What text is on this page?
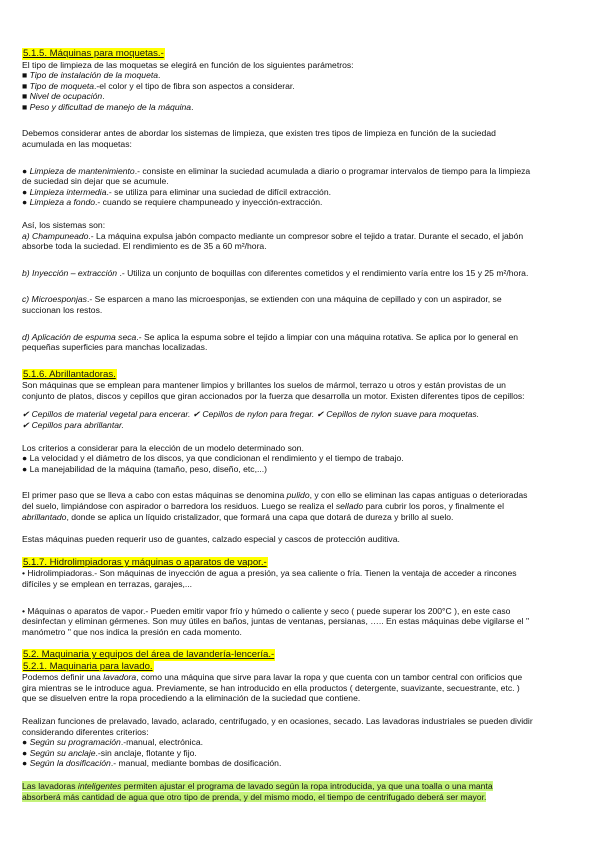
5.1.5. Máquinas para moquetas.-

El tipo de limpieza de las moquetas se elegirá en función de los siguientes parámetros:

■ Tipo de instalación de la moqueta.

■ Tipo de moqueta.-el color y el tipo de fibra son aspectos a considerar.

■ Nivel de ocupación.

■ Peso y dificultad de manejo de la máquina.

Debemos considerar antes de abordar los sistemas de limpieza, que existen tres tipos de limpieza en función de la suciedad

acumulada en las moquetas:

● Limpieza de mantenimiento.- consiste en eliminar la suciedad acumulada a diario o programar intervalos de tiempo para la limpieza

de suciedad sin dejar que se acumule.

● Limpieza intermedia.- se utiliza para eliminar una suciedad de difícil extracción.

● Limpieza a fondo.- cuando se requiere champuneado y inyección-extracción.

Así, los sistemas son:

a) Champuneado.- La máquina expulsa jabón compacto mediante un compresor sobre el tejido a tratar. Durante el secado, el jabón

absorbe toda la suciedad. El rendimiento es de 35 a 60 m²/hora.

b) Inyección – extracción .- Utiliza un conjunto de boquillas con diferentes cometidos y el rendimiento varía entre los 15 y 25 m²/hora.

c) Microesponjas.- Se esparcen a mano las microesponjas, se extienden con una máquina de cepillado y con un aspirador, se

succionan los restos.

d) Aplicación de espuma seca.- Se aplica la espuma sobre el tejido a limpiar con una máquina rotativa. Se aplica por lo general en

pequeñas superficies para manchas localizadas.

5.1.6. Abrillantadoras.

Son máquinas que se emplean para mantener limpios y brillantes los suelos de mármol, terrazo u otros y están provistas de un

conjunto de platos, discos y cepillos que giran accionados por la fuerza que desarrolla un motor. Existen diferentes tipos de cepillos:

✔ Cepillos de material vegetal para encerar. ✔ Cepillos de nylon para fregar. ✔ Cepillos de nylon suave para moquetas.

✔ Cepillos para abrillantar.

Los criterios a considerar para la elección de un modelo determinado son.

● La velocidad y el diámetro de los discos, ya que condicionan el rendimiento y el tiempo de trabajo.

● La manejabilidad de la máquina (tamaño, peso, diseño, etc,...)

El primer paso que se lleva a cabo con estas máquinas se denomina pulido, y con ello se eliminan las capas antiguas o deterioradas

del suelo, limpiándose con aspirador o barredora los residuos. Luego se realiza el sellado para cubrir los poros, y finalmente el

abrillantado, donde se aplica un líquido cristalizador, que formará una capa que dotará de dureza y brillo al suelo.

Estas máquinas pueden requerir uso de guantes, calzado especial y cascos de protección auditiva.

5.1.7. Hidrolimpiadoras y máquinas o aparatos de vapor.-

• Hidrolimpiadoras.- Son máquinas de inyección de agua a presión, ya sea caliente o fría. Tienen la ventaja de acceder a rincones

difíciles y se emplean en terrazas, garajes,...

• Máquinas o aparatos de vapor.- Pueden emitir vapor frío y húmedo o caliente y seco ( puede superar los 200°C ), en este caso

desinfectan y eliminan gérmenes. Son muy útiles en baños, juntas de ventanas, persianas, ….. En estas máquinas debe vigilarse el "

manómetro " que nos indica la presión en cada momento.

5.2. Maquinaria y equipos del área de lavandería-lencería.-

5.2.1. Maquinaria para lavado.

Podemos definir una lavadora, como una máquina que sirve para lavar la ropa y que cuenta con un tambor central con orificios que

gira mientras se le introduce agua. Previamente, se han introducido en ella productos ( detergente, suavizante, secuestrante, etc. )

que se disuelven entre la ropa procediendo a la eliminación de la suciedad que contiene.

Realizan funciones de prelavado, lavado, aclarado, centrifugado, y en ocasiones, secado. Las lavadoras industriales se pueden dividir

considerando diferentes criterios:

● Según su programación.-manual, electrónica.

● Según su anclaje.-sin anclaje, flotante y fijo.

● Según la dosificación.- manual, mediante bombas de dosificación.

Las lavadoras inteligentes permiten ajustar el programa de lavado según la ropa introducida, ya que una toalla o una manta

absorberá más cantidad de agua que otro tipo de prenda, y del mismo modo, el tiempo de centrifugado deberá ser mayor.
